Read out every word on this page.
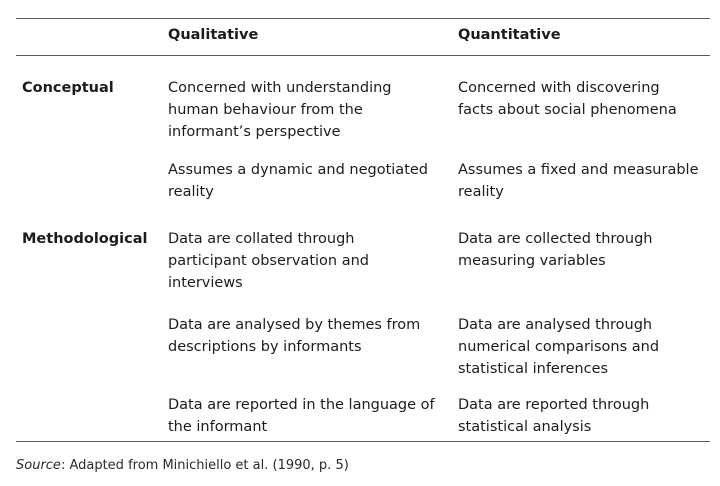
Qualitative	Quantitative
Conceptual	Concerned with understanding
human behaviour from the
informant’s perspective
Concerned with discovering
facts about social phenomena
Assumes a dynamic and negotiated
reality
Assumes a fixed and measurable
reality
Methodological Data are collated through
participant observation and
interviews
Data are collected through
measuring variables
Data are analysed by themes from
descriptions by informants
Data are analysed through
numerical comparisons and
statistical inferences
Data are reported in the language of
the informant
Data are reported through
statistical analysis
Source: Adapted from Minichiello et al. (1990, p. 5)
